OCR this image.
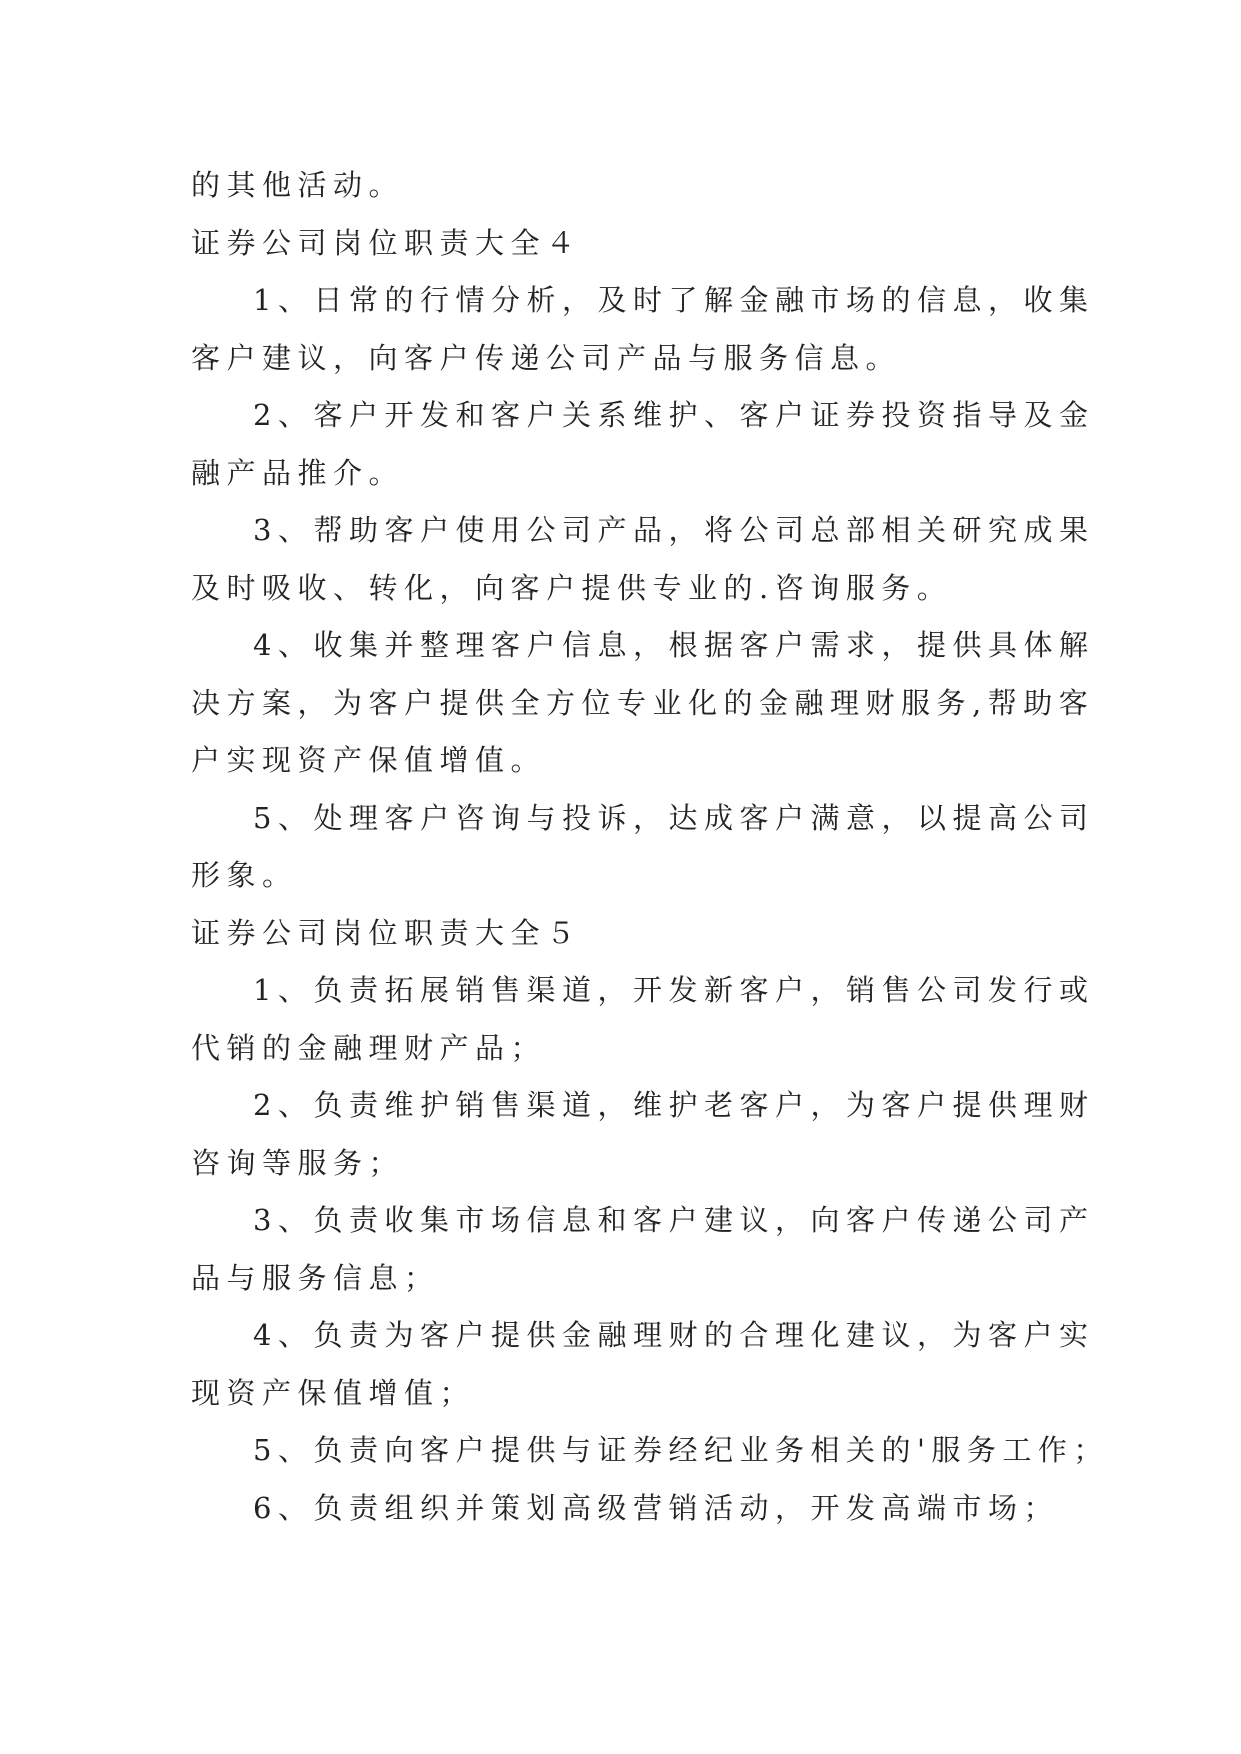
的其他活动。
证券公司岗位职责大全４
1、日常的行情分析，及时了解金融市场的信息，收集
客户建议，向客户传递公司产品与服务信息。
2、客户开发和客户关系维护、客户证券投资指导及金
融产品推介。
3、帮助客户使用公司产品，将公司总部相关研究成果
及时吸收、转化，向客户提供专业的.咨询服务。
4、收集并整理客户信息，根据客户需求，提供具体解
决方案，为客户提供全方位专业化的金融理财服务,帮助客
户实现资产保值增值。
5、处理客户咨询与投诉，达成客户满意，以提高公司
形象。
证券公司岗位职责大全５
1、负责拓展销售渠道，开发新客户，销售公司发行或
代销的金融理财产品；
2、负责维护销售渠道，维护老客户，为客户提供理财
咨询等服务；
3、负责收集市场信息和客户建议，向客户传递公司产
品与服务信息；
4、负责为客户提供金融理财的合理化建议，为客户实
现资产保值增值；
5、负责向客户提供与证券经纪业务相关的'服务工作；
6、负责组织并策划高级营销活动，开发高端市场；
